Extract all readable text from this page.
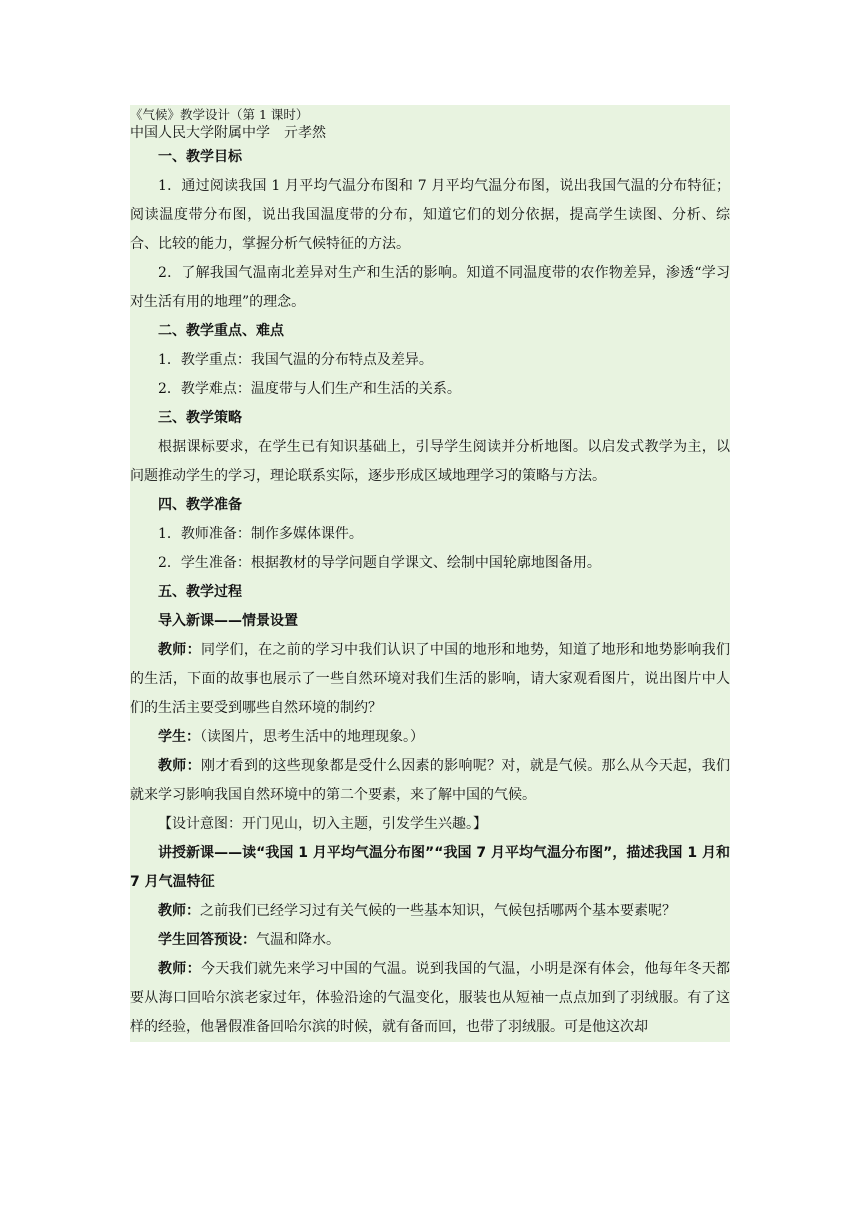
《气候》教学设计（第 1 课时）
中国人民大学附属中学　亓孝然
一、教学目标

1．通过阅读我国 1 月平均气温分布图和 7 月平均气温分布图，说出我国气温的分布特征；阅读温度带分布图，说出我国温度带的分布，知道它们的划分依据，提高学生读图、分析、综合、比较的能力，掌握分析气候特征的方法。

2．了解我国气温南北差异对生产和生活的影响。知道不同温度带的农作物差异，渗透“学习对生活有用的地理”的理念。

二、教学重点、难点

1．教学重点：我国气温的分布特点及差异。

2．教学难点：温度带与人们生产和生活的关系。

三、教学策略

根据课标要求，在学生已有知识基础上，引导学生阅读并分析地图。以启发式教学为主，以问题推动学生的学习，理论联系实际，逐步形成区域地理学习的策略与方法。

四、教学准备

1．教师准备：制作多媒体课件。

2．学生准备：根据教材的导学问题自学课文、绘制中国轮廓地图备用。

五、教学过程
导入新课——情景设置

教师：同学们，在之前的学习中我们认识了中国的地形和地势，知道了地形和地势影响我们的生活，下面的故事也展示了一些自然环境对我们生活的影响，请大家观看图片，说出图片中人们的生活主要受到哪些自然环境的制约？

学生：（读图片，思考生活中的地理现象。）

教师：刚才看到的这些现象都是受什么因素的影响呢？对，就是气候。那么从今天起，我们就来学习影响我国自然环境中的第二个要素，来了解中国的气候。

【设计意图：开门见山，切入主题，引发学生兴趣。】

讲授新课——读“我国 1 月平均气温分布图”“我国 7 月平均气温分布图”，描述我国 1 月和 7 月气温特征

教师：之前我们已经学习过有关气候的一些基本知识，气候包括哪两个基本要素呢？

学生回答预设：气温和降水。

教师：今天我们就先来学习中国的气温。说到我国的气温，小明是深有体会，他每年冬天都要从海口回哈尔滨老家过年，体验沿途的气温变化，服装也从短袖一点点加到了羽绒服。有了这样的经验，他暑假准备回哈尔滨的时候，就有备而回，也带了羽绒服。可是他这次却
